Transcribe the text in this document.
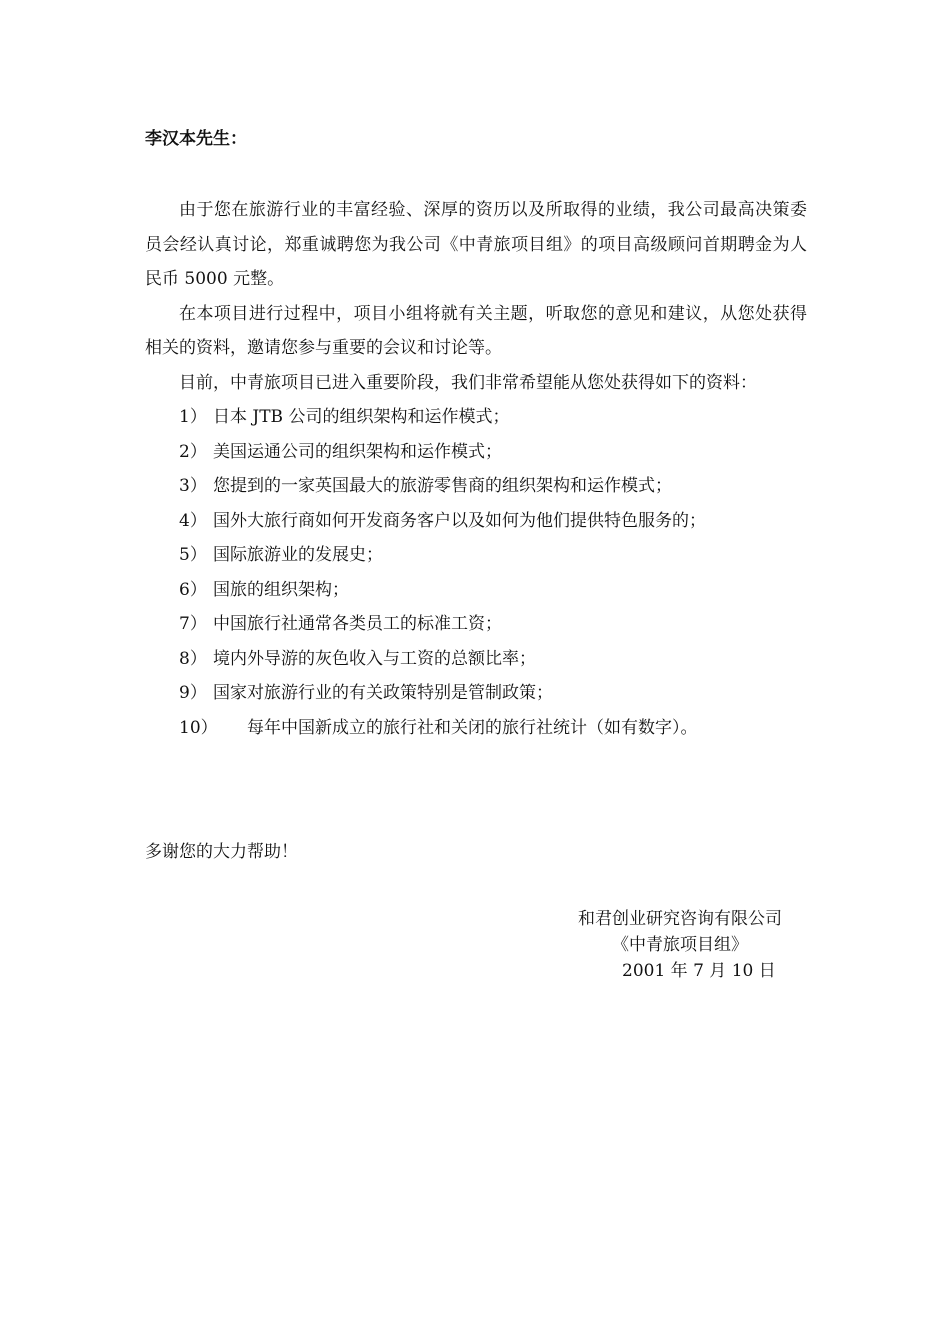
李汉本先生：

由于您在旅游行业的丰富经验、深厚的资历以及所取得的业绩，我公司最高决策委员会经认真讨论，郑重诚聘您为我公司《中青旅项目组》的项目高级顾问首期聘金为人民币 5000 元整。

在本项目进行过程中，项目小组将就有关主题，听取您的意见和建议，从您处获得相关的资料，邀请您参与重要的会议和讨论等。

目前，中青旅项目已进入重要阶段，我们非常希望能从您处获得如下的资料：

1） 日本 JTB 公司的组织架构和运作模式；
2） 美国运通公司的组织架构和运作模式；
3） 您提到的一家英国最大的旅游零售商的组织架构和运作模式；
4） 国外大旅行商如何开发商务客户以及如何为他们提供特色服务的；
5） 国际旅游业的发展史；
6） 国旅的组织架构；
7） 中国旅行社通常各类员工的标准工资；
8） 境内外导游的灰色收入与工资的总额比率；
9） 国家对旅游行业的有关政策特别是管制政策；
10） 每年中国新成立的旅行社和关闭的旅行社统计（如有数字）。
多谢您的大力帮助！
和君创业研究咨询有限公司
《中青旅项目组》
2001 年 7 月 10 日
